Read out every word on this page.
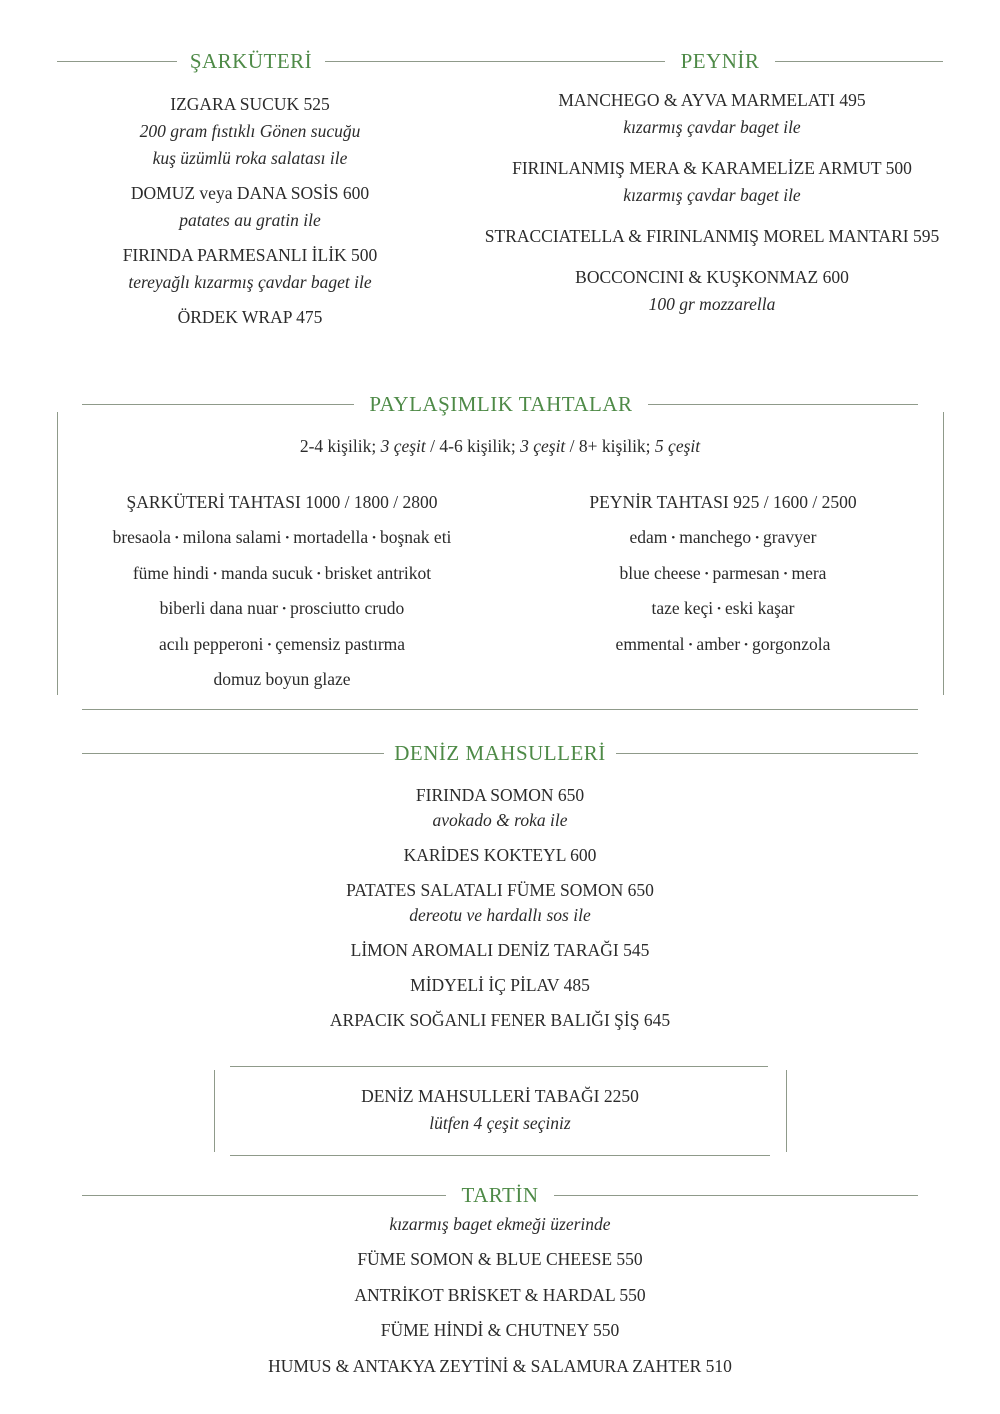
ŞARKÜTERİ	PEYNİR
IZGARA SUCUK 525
200 gram fıstıklı Gönen sucuğu
kuş üzümlü roka salatası ile
DOMUZ veya DANA SOSİS 600
patates au gratin ile
FIRINDA PARMESANLI İLİK 500
tereyağlı kızarmış çavdar baget ile
ÖRDEK WRAP 475
MANCHEGO & AYVA MARMELATI 495
kızarmış çavdar baget ile
FIRINLANMIŞ MERA & KARAMELİZE ARMUT 500
kızarmış çavdar baget ile
STRACCIATELLA & FIRINLANMIŞ MOREL MANTARI 595
BOCCONCINI & KUŞKONMAZ 600
100 gr mozzarella
PAYLAŞIMLIK TAHTALAR
2-4 kişilik; 3 çeşit / 4-6 kişilik; 3 çeşit / 8+ kişilik; 5 çeşit
ŞARKÜTERİ TAHTASI 1000 / 1800 / 2800	PEYNİR TAHTASI 925 / 1600 / 2500
bresaola • milona salami • mortadella • boşnak eti
füme hindi • manda sucuk • brisket antrikot
biberli dana nuar • prosciutto crudo
acılı pepperoni • çemensiz pastırma
domuz boyun glaze
edam • manchego • gravyer
blue cheese • parmesan • mera
taze keçi • eski kaşar
emmental • amber • gorgonzola
DENİZ MAHSULLERİ
FIRINDA SOMON 650
avokado & roka ile
KARİDES KOKTEYL 600
PATATES SALATALI FÜME SOMON 650
dereotu ve hardallı sos ile
LİMON AROMALI DENİZ TARAĞI 545
MİDYELİ İÇ PİLAV 485
ARPACIK SOĞANLI FENER BALIĞI ŞİŞ 645
DENİZ MAHSULLERİ TABAĞI 2250
lütfen 4 çeşit seçiniz
TARTİN
kızarmış baget ekmeği üzerinde
FÜME SOMON & BLUE CHEESE 550
ANTRİKOT BRİSKET & HARDAL 550
FÜME HİNDİ & CHUTNEY 550
HUMUS & ANTAKYA ZEYTİNİ & SALAMURA ZAHTER 510
